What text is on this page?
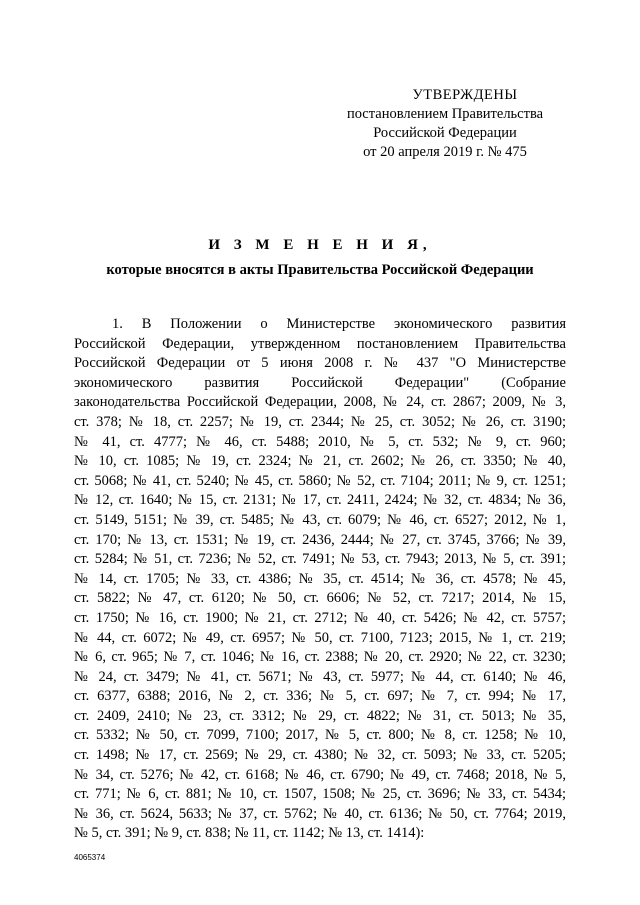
УТВЕРЖДЕНЫ
постановлением Правительства
Российской Федерации
от 20 апреля 2019 г. № 475
И З М Е Н Е Н И Я,
которые вносятся в акты Правительства Российской Федерации
1. В Положении о Министерстве экономического развития
Российской Федерации, утвержденном постановлением Правительства
Российской Федерации от 5 июня 2008 г. № 437 "О Министерстве
экономического развития Российской Федерации" (Собрание
законодательства Российской Федерации, 2008, № 24, ст. 2867; 2009, № 3,
ст. 378; № 18, ст. 2257; № 19, ст. 2344; № 25, ст. 3052; № 26, ст. 3190;
№ 41, ст. 4777; № 46, ст. 5488; 2010, № 5, ст. 532; № 9, ст. 960;
№ 10, ст. 1085; № 19, ст. 2324; № 21, ст. 2602; № 26, ст. 3350; № 40,
ст. 5068; № 41, ст. 5240; № 45, ст. 5860; № 52, ст. 7104; 2011; № 9, ст. 1251;
№ 12, ст. 1640; № 15, ст. 2131; № 17, ст. 2411, 2424; № 32, ст. 4834; № 36,
ст. 5149, 5151; № 39, ст. 5485; № 43, ст. 6079; № 46, ст. 6527; 2012, № 1,
ст. 170; № 13, ст. 1531; № 19, ст. 2436, 2444; № 27, ст. 3745, 3766; № 39,
ст. 5284; № 51, ст. 7236; № 52, ст. 7491; № 53, ст. 7943; 2013, № 5, ст. 391;
№ 14, ст. 1705; № 33, ст. 4386; № 35, ст. 4514; № 36, ст. 4578; № 45,
ст. 5822; № 47, ст. 6120; № 50, ст. 6606; № 52, ст. 7217; 2014, № 15,
ст. 1750; № 16, ст. 1900; № 21, ст. 2712; № 40, ст. 5426; № 42, ст. 5757;
№ 44, ст. 6072; № 49, ст. 6957; № 50, ст. 7100, 7123; 2015, № 1, ст. 219;
№ 6, ст. 965; № 7, ст. 1046; № 16, ст. 2388; № 20, ст. 2920; № 22, ст. 3230;
№ 24, ст. 3479; № 41, ст. 5671; № 43, ст. 5977; № 44, ст. 6140; № 46,
ст. 6377, 6388; 2016, № 2, ст. 336; № 5, ст. 697; № 7, ст. 994; № 17,
ст. 2409, 2410; № 23, ст. 3312; № 29, ст. 4822; № 31, ст. 5013; № 35,
ст. 5332; № 50, ст. 7099, 7100; 2017, № 5, ст. 800; № 8, ст. 1258; № 10,
ст. 1498; № 17, ст. 2569; № 29, ст. 4380; № 32, ст. 5093; № 33, ст. 5205;
№ 34, ст. 5276; № 42, ст. 6168; № 46, ст. 6790; № 49, ст. 7468; 2018, № 5,
ст. 771; № 6, ст. 881; № 10, ст. 1507, 1508; № 25, ст. 3696; № 33, ст. 5434;
№ 36, ст. 5624, 5633; № 37, ст. 5762; № 40, ст. 6136; № 50, ст. 7764; 2019,
№ 5, ст. 391; № 9, ст. 838; № 11, ст. 1142; № 13, ст. 1414):
4065374
